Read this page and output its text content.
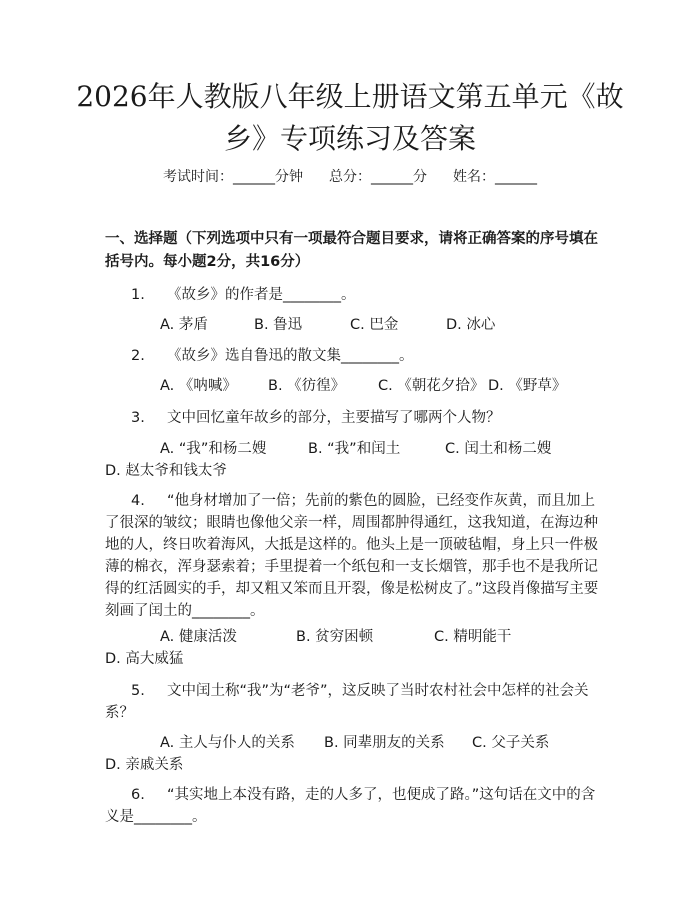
2026年人教版八年级上册语文第五单元《故
乡》专项练习及答案
考试时间：______分钟 总分：______分 姓名：______
一、选择题（下列选项中只有一项最符合题目要求，请将正确答案的序号填在括号内。每小题2分，共16分）
1. 《故乡》的作者是________。
A. 茅盾	B. 鲁迅	C. 巴金	D. 冰心
2. 《故乡》选自鲁迅的散文集________。
A. 《呐喊》 B. 《彷徨》 C. 《朝花夕拾》 D. 《野草》
3. 文中回忆童年故乡的部分，主要描写了哪两个人物？
A. “我”和杨二嫂	B. “我”和闰土	C. 闰土和杨二嫂D. 赵太爷和钱太爷
4. “他身材增加了一倍；先前的紫色的圆脸，已经变作灰黄，而且加上了很深的皱纹；眼睛也像他父亲一样，周围都肿得通红，这我知道，在海边种地的人，终日吹着海风，大抵是这样的。他头上是一顶破毡帽，身上只一件极薄的棉衣，浑身瑟索着；手里提着一个纸包和一支长烟管，那手也不是我所记得的红活圆实的手，却又粗又笨而且开裂，像是松树皮了。”这段肖像描写主要刻画了闰土的________。
A. 健康活泼	B. 贫穷困顿	C. 精明能干D. 高大威猛
5. 文中闰土称“我”为“老爷”，这反映了当时农村社会中怎样的社会关系？
A. 主人与仆人的关系 B. 同辈朋友的关系 C. 父子关系D. 亲戚关系
6. “其实地上本没有路，走的人多了，也便成了路。”这句话在文中的含义是________。
